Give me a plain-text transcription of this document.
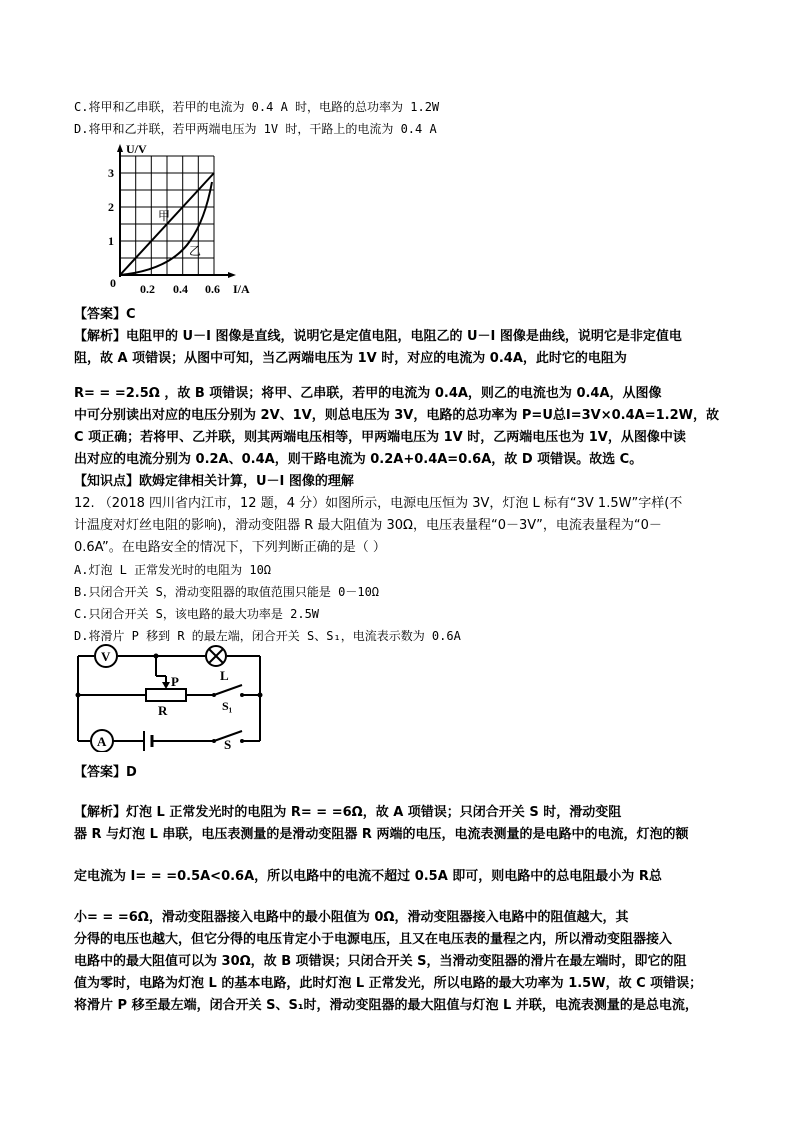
C.将甲和乙串联，若甲的电流为 0.4 A 时，电路的总功率为 1.2W
D.将甲和乙并联，若甲两端电压为 1V 时，干路上的电流为 0.4 A
U/V
I/A
3
2
1
0 0.2 0.4 0.6
甲
乙
【答案】C
【解析】电阻甲的 U－I 图像是直线，说明它是定值电阻，电阻乙的 U－I 图像是曲线，说明它是非定值电
阻，故 A 项错误；从图中可知，当乙两端电压为 1V 时，对应的电流为 0.4A，此时它的电阻为
R= = =2.5Ω ，故 B 项错误；将甲、乙串联，若甲的电流为 0.4A，则乙的电流也为 0.4A，从图像
中可分别读出对应的电压分别为 2V、1V，则总电压为 3V，电路的总功率为 P=U总I=3V×0.4A=1.2W，故
C 项正确；若将甲、乙并联，则其两端电压相等，甲两端电压为 1V 时，乙两端电压也为 1V，从图像中读
出对应的电流分别为 0.2A、0.4A，则干路电流为 0.2A+0.4A=0.6A，故 D 项错误。故选 C。
【知识点】欧姆定律相关计算，U－I 图像的理解
12. （2018 四川省内江市，12 题，4 分）如图所示，电源电压恒为 3V，灯泡 L 标有“3V 1.5W”字样(不
计温度对灯丝电阻的影响)，滑动变阻器 R 最大阻值为 30Ω，电压表量程“0－3V”，电流表量程为“0－
0.6A”。在电路安全的情况下，下列判断正确的是（ ）
A.灯泡 L 正常发光时的电阻为 10Ω
B.只闭合开关 S，滑动变阻器的取值范围只能是 0－10Ω
C.只闭合开关 S，该电路的最大功率是 2.5W
D.将滑片 P 移到 R 的最左端，闭合开关 S、S₁，电流表示数为 0.6A
V
A
P
R
L
S₁
S
【答案】D
【解析】灯泡 L 正常发光时的电阻为 R= = =6Ω，故 A 项错误；只闭合开关 S 时，滑动变阻
器 R 与灯泡 L 串联，电压表测量的是滑动变阻器 R 两端的电压，电流表测量的是电路中的电流，灯泡的额
定电流为 I= = =0.5A<0.6A，所以电路中的电流不超过 0.5A 即可，则电路中的总电阻最小为 R总
小= = =6Ω，滑动变阻器接入电路中的最小阻值为 0Ω，滑动变阻器接入电路中的阻值越大，其
分得的电压也越大，但它分得的电压肯定小于电源电压，且又在电压表的量程之内，所以滑动变阻器接入
电路中的最大阻值可以为 30Ω，故 B 项错误；只闭合开关 S，当滑动变阻器的滑片在最左端时，即它的阻
值为零时，电路为灯泡 L 的基本电路，此时灯泡 L 正常发光，所以电路的最大功率为 1.5W，故 C 项错误；
将滑片 P 移至最左端，闭合开关 S、S₁时，滑动变阻器的最大阻值与灯泡 L 并联，电流表测量的是总电流，
